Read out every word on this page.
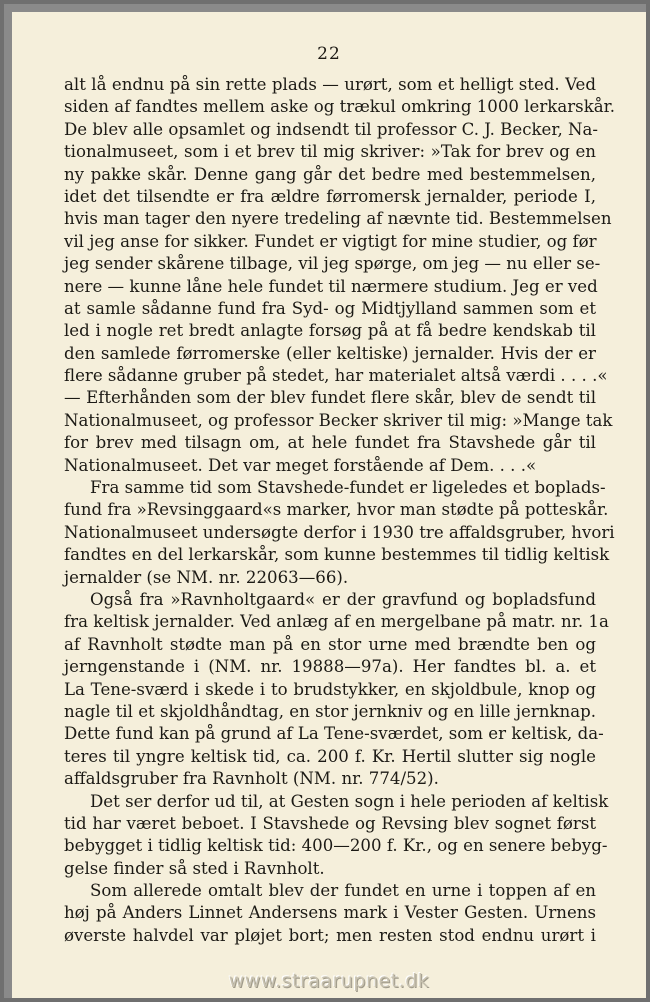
22
alt lå endnu på sin rette plads — urørt, som et helligt sted. Ved
siden af fandtes mellem aske og trækul omkring 1000 lerkarskår.
De blev alle opsamlet og indsendt til professor C. J. Becker, Na-
tionalmuseet, som i et brev til mig skriver: »Tak for brev og en
ny pakke skår. Denne gang går det bedre med bestemmelsen,
idet det tilsendte er fra ældre førromersk jernalder, periode I,
hvis man tager den nyere tredeling af nævnte tid. Bestemmelsen
vil jeg anse for sikker. Fundet er vigtigt for mine studier, og før
jeg sender skårene tilbage, vil jeg spørge, om jeg — nu eller se-
nere — kunne låne hele fundet til nærmere studium. Jeg er ved
at samle sådanne fund fra Syd- og Midtjylland sammen som et
led i nogle ret bredt anlagte forsøg på at få bedre kendskab til
den samlede førromerske (eller keltiske) jernalder. Hvis der er
flere sådanne gruber på stedet, har materialet altså værdi . . . .«
— Efterhånden som der blev fundet flere skår, blev de sendt til
Nationalmuseet, og professor Becker skriver til mig: »Mange tak
for brev med tilsagn om, at hele fundet fra Stavshede går til
Nationalmuseet. Det var meget forstående af Dem. . . .«
Fra samme tid som Stavshede-fundet er ligeledes et boplads-
fund fra »Revsinggaard«s marker, hvor man stødte på potteskår.
Nationalmuseet undersøgte derfor i 1930 tre affaldsgruber, hvori
fandtes en del lerkarskår, som kunne bestemmes til tidlig keltisk
jernalder (se NM. nr. 22063—66).
Også fra »Ravnholtgaard« er der gravfund og bopladsfund
fra keltisk jernalder. Ved anlæg af en mergelbane på matr. nr. 1a
af Ravnholt stødte man på en stor urne med brændte ben og
jerngenstande i (NM. nr. 19888—97a). Her fandtes bl. a. et
La Tene-sværd i skede i to brudstykker, en skjoldbule, knop og
nagle til et skjoldhåndtag, en stor jernkniv og en lille jernknap.
Dette fund kan på grund af La Tene-sværdet, som er keltisk, da-
teres til yngre keltisk tid, ca. 200 f. Kr. Hertil slutter sig nogle
affaldsgruber fra Ravnholt (NM. nr. 774/52).
Det ser derfor ud til, at Gesten sogn i hele perioden af keltisk
tid har været beboet. I Stavshede og Revsing blev sognet først
bebygget i tidlig keltisk tid: 400—200 f. Kr., og en senere bebyg-
gelse finder så sted i Ravnholt.
Som allerede omtalt blev der fundet en urne i toppen af en
høj på Anders Linnet Andersens mark i Vester Gesten. Urnens
øverste halvdel var pløjet bort; men resten stod endnu urørt i
www.straarupnet.dk
